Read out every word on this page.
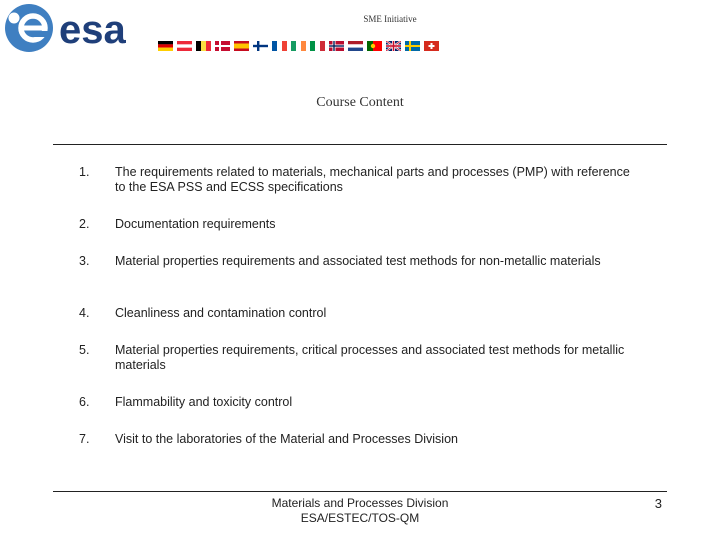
esa	SME Initiative
Course Content
1. The requirements related to materials, mechanical parts and processes (PMP) with reference to the ESA PSS and ECSS specifications
2. Documentation requirements
3. Material properties requirements and associated test methods for non-metallic materials
4. Cleanliness and contamination control
5. Material properties requirements, critical processes and associated test methods for metallic materials
6. Flammability and toxicity control
7. Visit to the laboratories of the Material and Processes Division
Materials and Processes Division
ESA/ESTEC/TOS-QM
3
